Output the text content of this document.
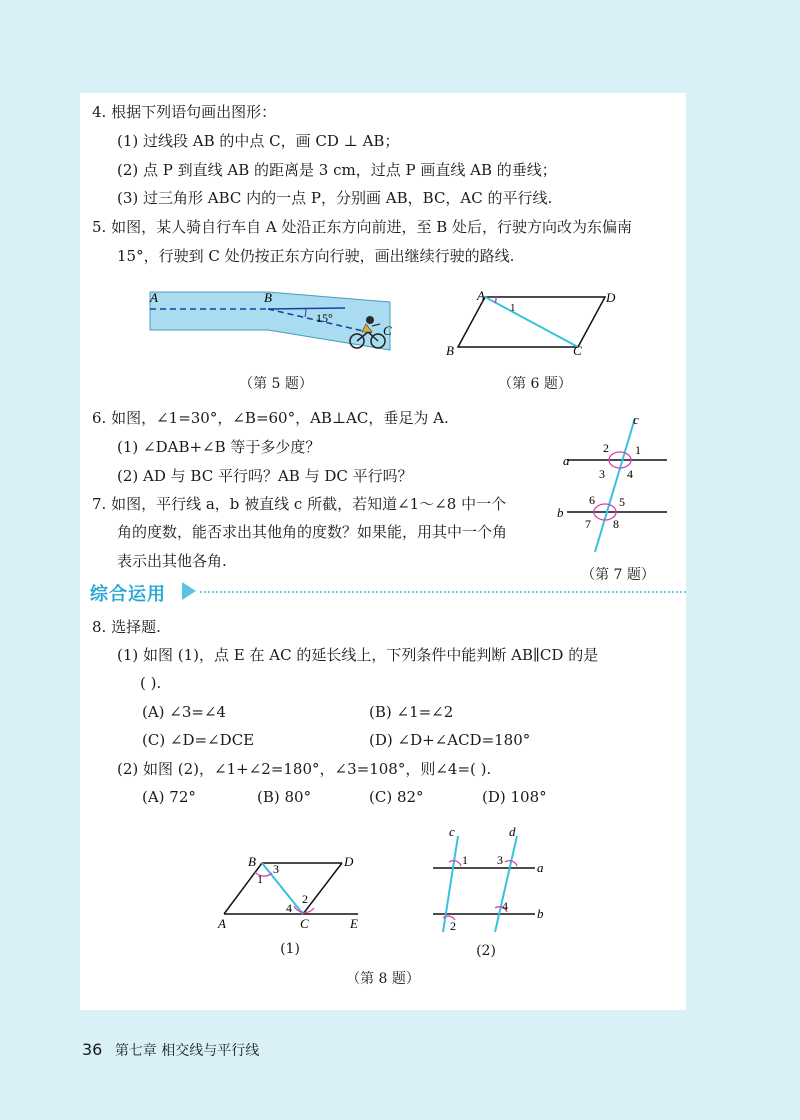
4. 根据下列语句画出图形：
(1) 过线段 AB 的中点 C，画 CD ⊥ AB；
(2) 点 P 到直线 AB 的距离是 3 cm，过点 P 画直线 AB 的垂线；
(3) 过三角形 ABC 内的一点 P，分别画 AB，BC，AC 的平行线.
5. 如图，某人骑自行车自 A 处沿正东方向前进，至 B 处后，行驶方向改为东偏南
15°，行驶到 C 处仍按正东方向行驶，画出继续行驶的路线.
A	B
15°
C
（第 5 题）
A	D
B	C
1
（第 6 题）
6. 如图，∠1=30°，∠B=60°，AB⊥AC，垂足为 A.
(1) ∠DAB+∠B 等于多少度？
(2) AD 与 BC 平行吗？AB 与 DC 平行吗？
7. 如图，平行线 a，b 被直线 c 所截，若知道∠1～∠8 中一个
角的度数，能否求出其他角的度数？如果能，用其中一个角
表示出其他各角.
a
b
c
2 1
3 4
6 5
7 8
（第 7 题）
综合运用
8. 选择题.
(1) 如图 (1)，点 E 在 AC 的延长线上，下列条件中能判断 AB∥CD 的是
( ).
(A) ∠3=∠4	(B) ∠1=∠2
(C) ∠D=∠DCE	(D) ∠D+∠ACD=180°
(2) 如图 (2)，∠1+∠2=180°，∠3=108°，则∠4=( ).
(A) 72°	(B) 80°	(C) 82°	(D) 108°
B	D
A	C	E
1
3
2
4
(1)
c	d
a
b
1 3
2
4
(2)
（第 8 题）
36 第七章 相交线与平行线
